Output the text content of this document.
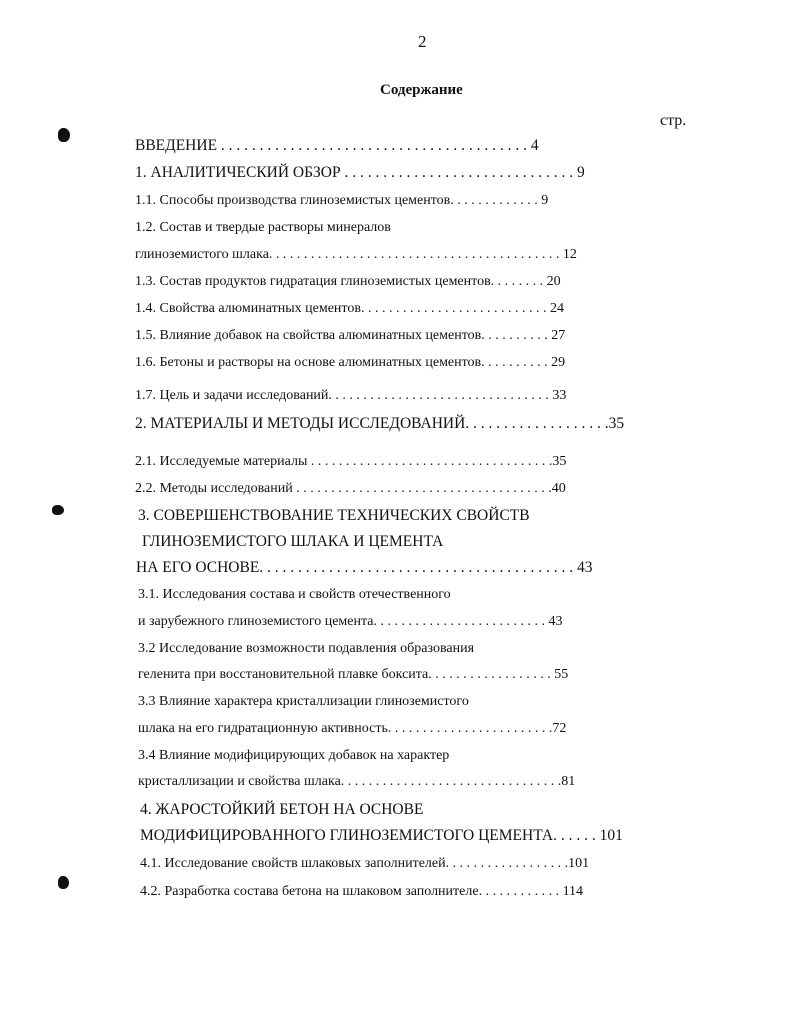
2
Содержание
стр.
ВВЕДЕНИЕ . . . . . . . . . . . . . . . . . . . . . . . . . . . . . . . . . . . . . . . . 4
1. АНАЛИТИЧЕСКИЙ ОБЗОР . . . . . . . . . . . . . . . . . . . . . . . . . . . . . . 9
1.1. Способы производства глиноземистых цементов. . . . . . . . . . . . . 9
1.2. Состав и твердые растворы минералов
глиноземистого шлака. . . . . . . . . . . . . . . . . . . . . . . . . . . . . . . . . . . . . . . . . . 12
1.3. Состав продуктов гидратация глиноземистых цементов. . . . . . . . 20
1.4. Свойства алюминатных цементов. . . . . . . . . . . . . . . . . . . . . . . . . . . 24
1.5. Влияние добавок на свойства алюминатных цементов. . . . . . . . . . 27
1.6. Бетоны и растворы на основе алюминатных цементов. . . . . . . . . . 29
1.7. Цель и задачи исследований. . . . . . . . . . . . . . . . . . . . . . . . . . . . . . . . 33
2. МАТЕРИАЛЫ И МЕТОДЫ ИССЛЕДОВАНИЙ. . . . . . . . . . . . . . . . . . .35
2.1. Исследуемые материалы . . . . . . . . . . . . . . . . . . . . . . . . . . . . . . . . . . .35
2.2. Методы исследований . . . . . . . . . . . . . . . . . . . . . . . . . . . . . . . . . . . . .40
3. СОВЕРШЕНСТВОВАНИЕ ТЕХНИЧЕСКИХ СВОЙСТВ
ГЛИНОЗЕМИСТОГО ШЛАКА И ЦЕМЕНТА
НА ЕГО ОСНОВЕ. . . . . . . . . . . . . . . . . . . . . . . . . . . . . . . . . . . . . . . . . 43
3.1. Исследования состава и свойств отечественного
и зарубежного глиноземистого цемента. . . . . . . . . . . . . . . . . . . . . . . . . 43
3.2 Исследование возможности подавления образования
геленита при восстановительной плавке боксита. . . . . . . . . . . . . . . . . . 55
3.3 Влияние характера кристаллизации глиноземистого
шлака на его гидратационную активность. . . . . . . . . . . . . . . . . . . . . . . .72
3.4 Влияние модифицирующих добавок на характер
кристаллизации и свойства шлака. . . . . . . . . . . . . . . . . . . . . . . . . . . . . . . .81
4. ЖАРОСТОЙКИЙ БЕТОН НА ОСНОВЕ
МОДИФИЦИРОВАННОГО ГЛИНОЗЕМИСТОГО ЦЕМЕНТА. . . . . . 101
4.1. Исследование свойств шлаковых заполнителей. . . . . . . . . . . . . . . . . .101
4.2. Разработка состава бетона на шлаковом заполнителе. . . . . . . . . . . . 114
